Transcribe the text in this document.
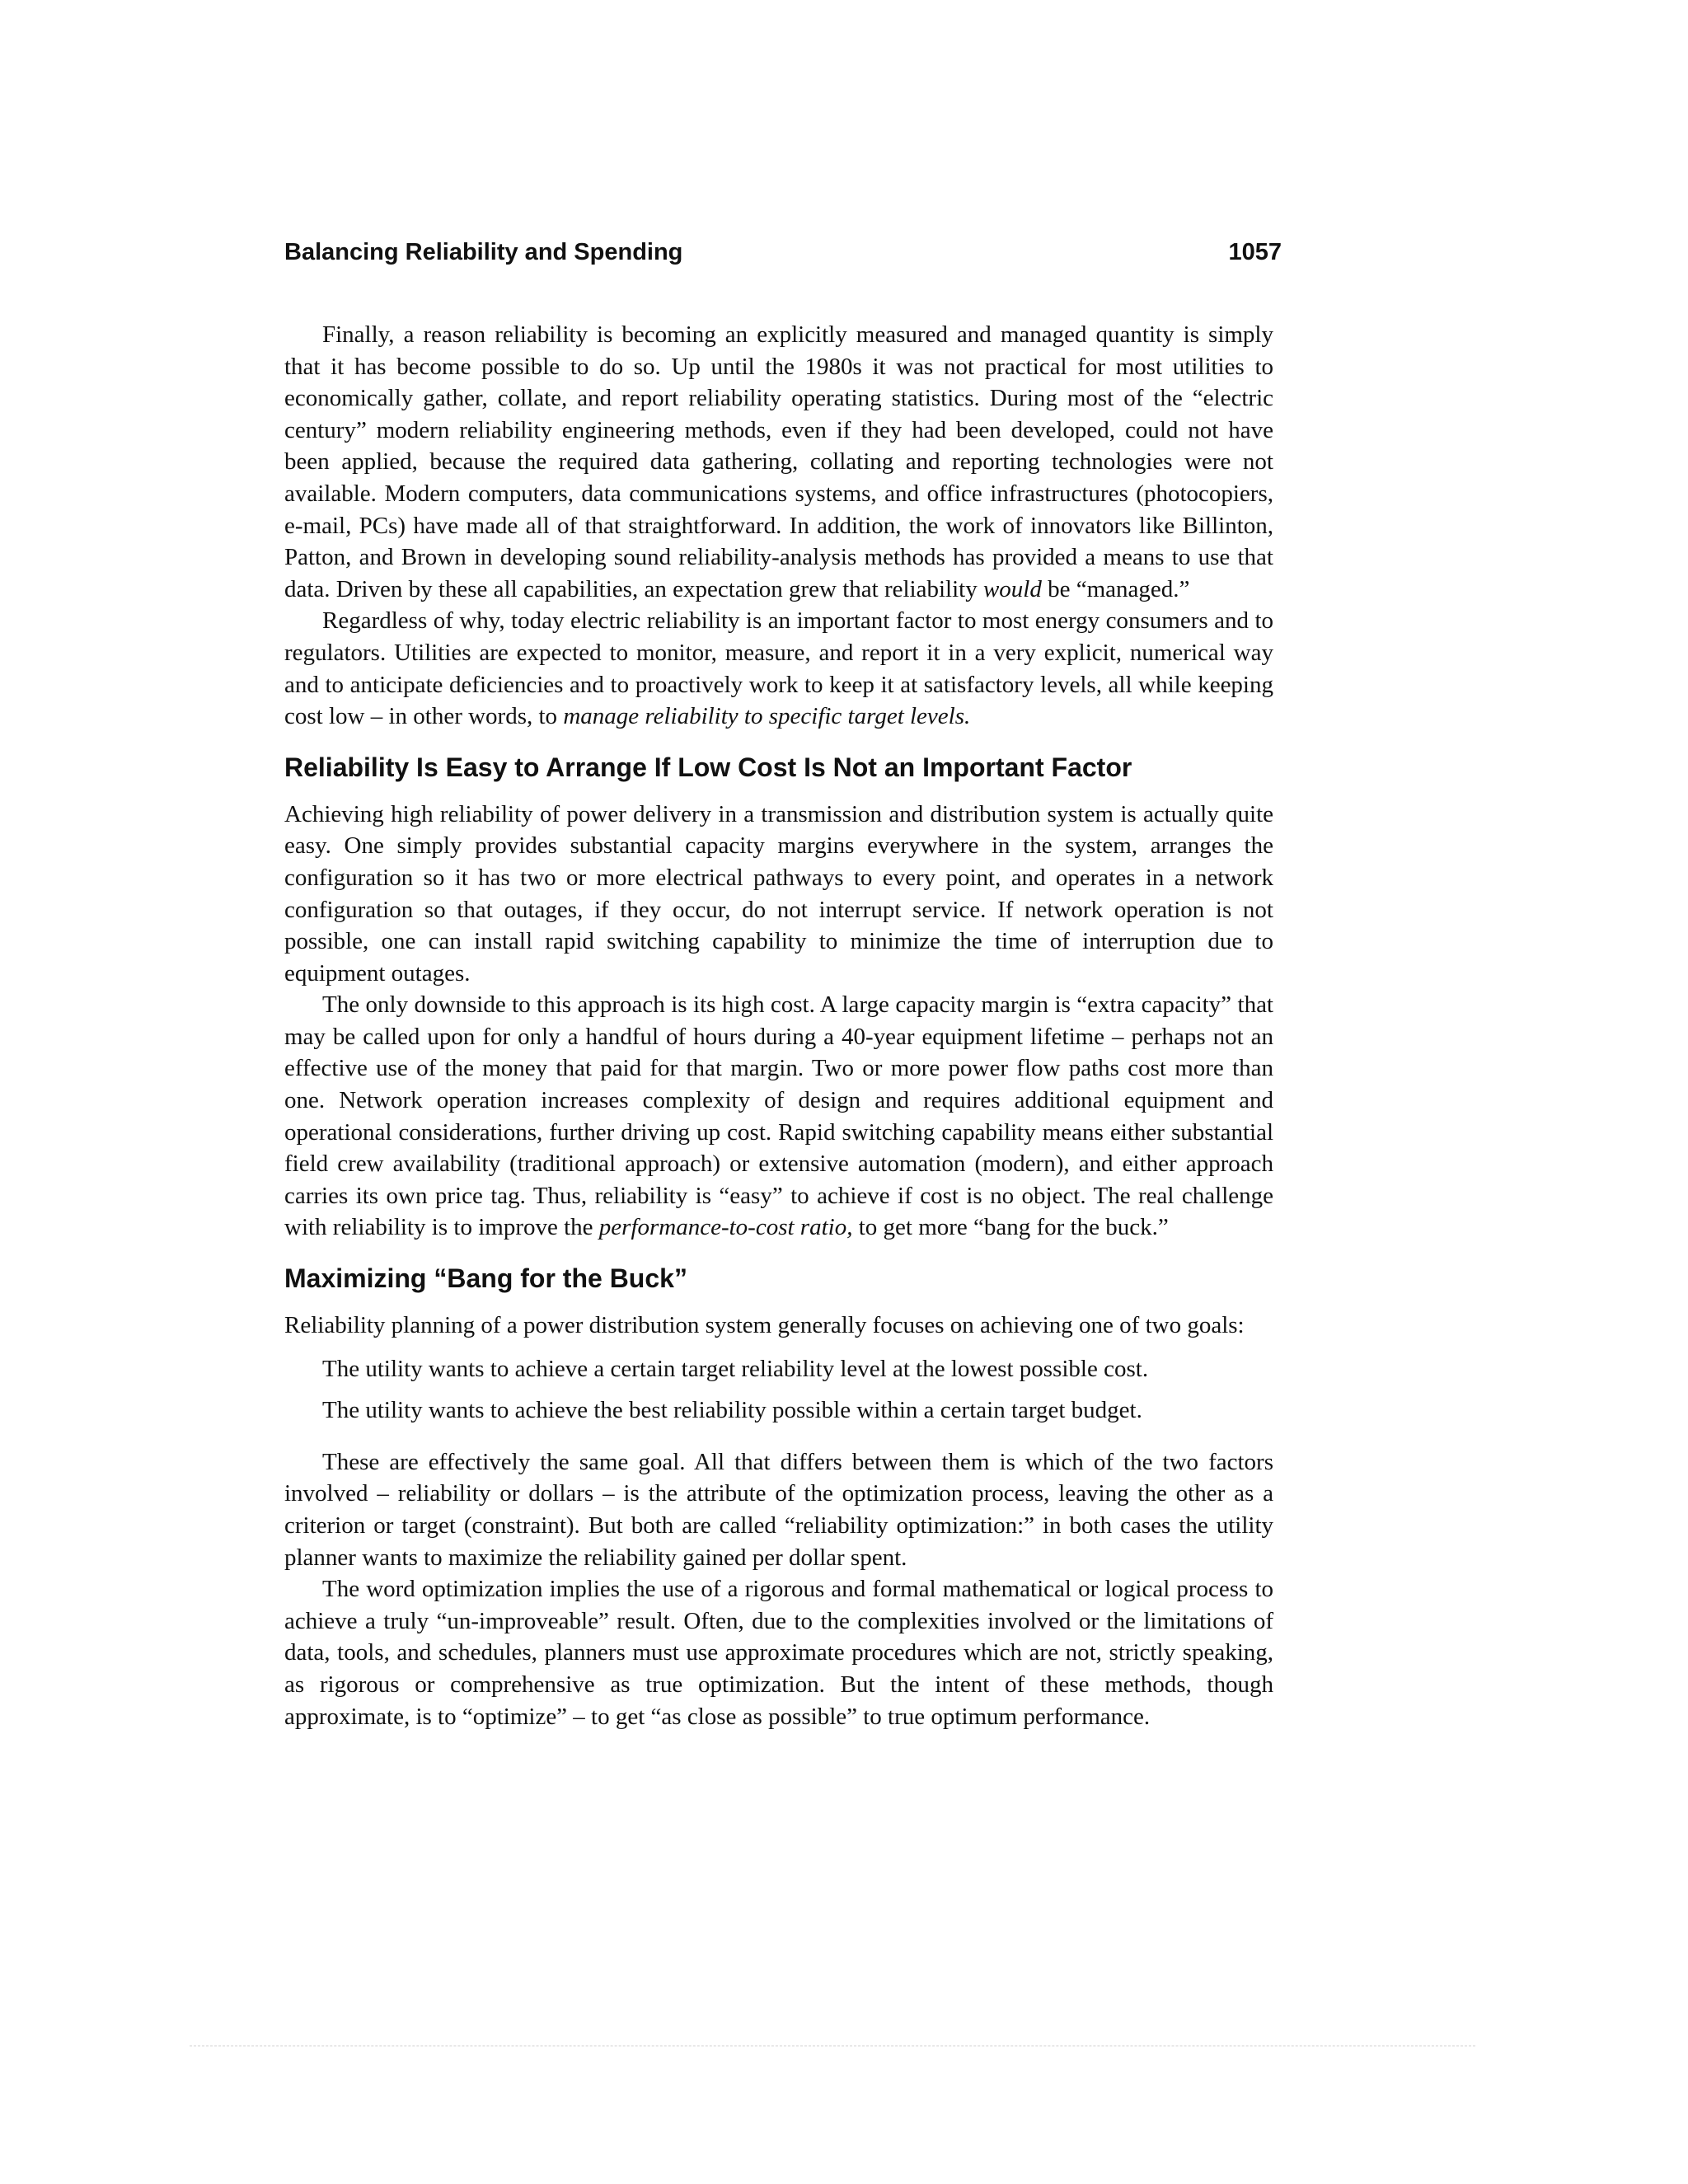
Balancing Reliability and Spending	1057

Finally, a reason reliability is becoming an explicitly measured and managed quantity is simply that it has become possible to do so. Up until the 1980s it was not practical for most utilities to economically gather, collate, and report reliability operating statistics. During most of the “electric century” modern reliability engineering methods, even if they had been developed, could not have been applied, because the required data gathering, collating and reporting technologies were not available. Modern computers, data communications systems, and office infrastructures (photocopiers, e-mail, PCs) have made all of that straightforward. In addition, the work of innovators like Billinton, Patton, and Brown in developing sound reliability-analysis methods has provided a means to use that data. Driven by these all capabilities, an expectation grew that reliability would be “managed.”

Regardless of why, today electric reliability is an important factor to most energy consumers and to regulators. Utilities are expected to monitor, measure, and report it in a very explicit, numerical way and to anticipate deficiencies and to proactively work to keep it at satisfactory levels, all while keeping cost low – in other words, to manage reliability to specific target levels.

Reliability Is Easy to Arrange If Low Cost Is Not an Important Factor

Achieving high reliability of power delivery in a transmission and distribution system is actually quite easy. One simply provides substantial capacity margins everywhere in the system, arranges the configuration so it has two or more electrical pathways to every point, and operates in a network configuration so that outages, if they occur, do not interrupt service. If network operation is not possible, one can install rapid switching capability to minimize the time of interruption due to equipment outages.

The only downside to this approach is its high cost. A large capacity margin is “extra capacity” that may be called upon for only a handful of hours during a 40-year equipment lifetime – perhaps not an effective use of the money that paid for that margin. Two or more power flow paths cost more than one. Network operation increases complexity of design and requires additional equipment and operational considerations, further driving up cost. Rapid switching capability means either substantial field crew availability (traditional approach) or extensive automation (modern), and either approach carries its own price tag. Thus, reliability is “easy” to achieve if cost is no object. The real challenge with reliability is to improve the performance-to-cost ratio, to get more “bang for the buck.”

Maximizing “Bang for the Buck”

Reliability planning of a power distribution system generally focuses on achieving one of two goals:

The utility wants to achieve a certain target reliability level at the lowest possible cost.
The utility wants to achieve the best reliability possible within a certain target budget.

These are effectively the same goal. All that differs between them is which of the two factors involved – reliability or dollars – is the attribute of the optimization process, leaving the other as a criterion or target (constraint). But both are called “reliability optimization:” in both cases the utility planner wants to maximize the reliability gained per dollar spent.

The word optimization implies the use of a rigorous and formal mathematical or logical process to achieve a truly “un-improveable” result. Often, due to the complexities involved or the limitations of data, tools, and schedules, planners must use approximate procedures which are not, strictly speaking, as rigorous or comprehensive as true optimization. But the intent of these methods, though approximate, is to “optimize” – to get “as close as possible” to true optimum performance.
